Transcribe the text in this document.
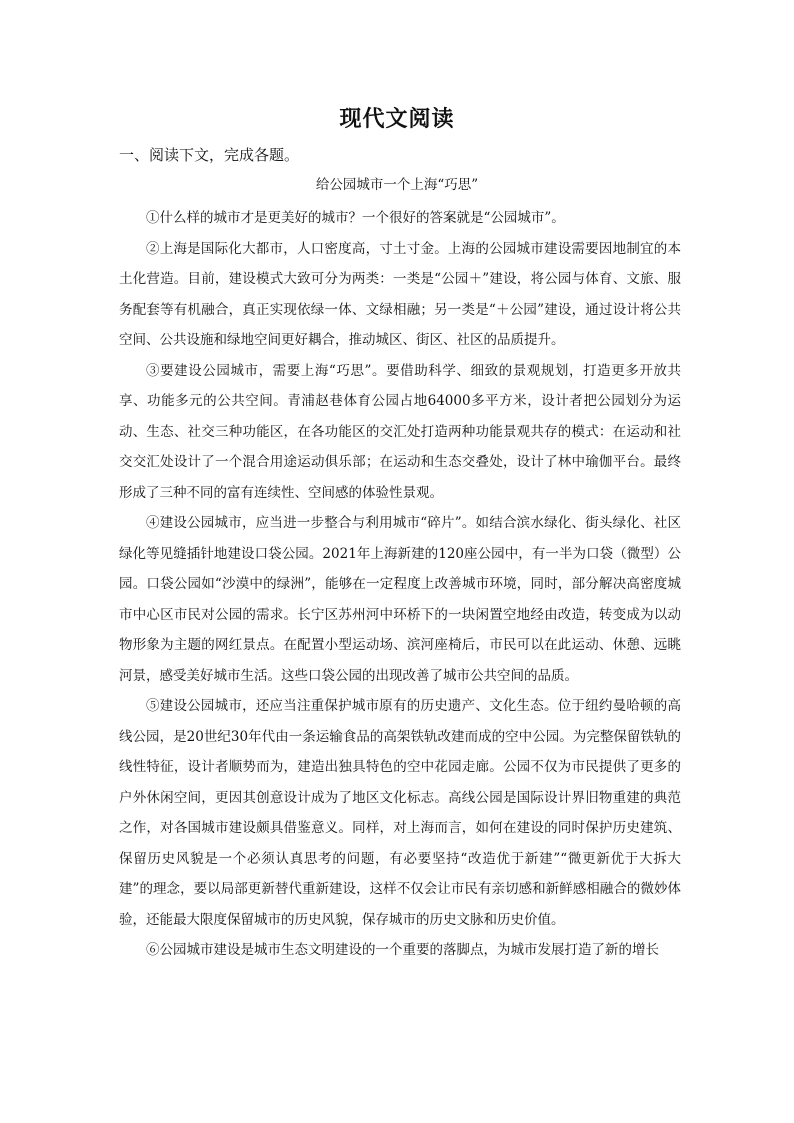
现代文阅读
一、阅读下文，完成各题。
给公园城市一个上海“巧思”

①什么样的城市才是更美好的城市？一个很好的答案就是“公园城市”。

②上海是国际化大都市，人口密度高，寸土寸金。上海的公园城市建设需要因地制宜的本土化营造。目前，建设模式大致可分为两类：一类是“公园＋”建设，将公园与体育、文旅、服务配套等有机融合，真正实现依绿一体、文绿相融；另一类是“＋公园”建设，通过设计将公共空间、公共设施和绿地空间更好耦合，推动城区、街区、社区的品质提升。

③要建设公园城市，需要上海“巧思”。要借助科学、细致的景观规划，打造更多开放共享、功能多元的公共空间。青浦赵巷体育公园占地64000多平方米，设计者把公园划分为运动、生态、社交三种功能区，在各功能区的交汇处打造两种功能景观共存的模式：在运动和社交交汇处设计了一个混合用途运动俱乐部；在运动和生态交叠处，设计了林中瑜伽平台。最终形成了三种不同的富有连续性、空间感的体验性景观。

④建设公园城市，应当进一步整合与利用城市“碎片”。如结合滨水绿化、街头绿化、社区绿化等见缝插针地建设口袋公园。2021年上海新建的120座公园中，有一半为口袋（微型）公园。口袋公园如“沙漠中的绿洲”，能够在一定程度上改善城市环境，同时，部分解决高密度城市中心区市民对公园的需求。长宁区苏州河中环桥下的一块闲置空地经由改造，转变成为以动物形象为主题的网红景点。在配置小型运动场、滨河座椅后，市民可以在此运动、休憩、远眺河景，感受美好城市生活。这些口袋公园的出现改善了城市公共空间的品质。

⑤建设公园城市，还应当注重保护城市原有的历史遗产、文化生态。位于纽约曼哈顿的高线公园，是20世纪30年代由一条运输食品的高架铁轨改建而成的空中公园。为完整保留铁轨的线性特征，设计者顺势而为，建造出独具特色的空中花园走廊。公园不仅为市民提供了更多的户外休闲空间，更因其创意设计成为了地区文化标志。高线公园是国际设计界旧物重建的典范之作，对各国城市建设颇具借鉴意义。同样，对上海而言，如何在建设的同时保护历史建筑、保留历史风貌是一个必须认真思考的问题，有必要坚持“改造优于新建”“微更新优于大拆大建”的理念，要以局部更新替代重新建设，这样不仅会让市民有亲切感和新鲜感相融合的微妙体验，还能最大限度保留城市的历史风貌，保存城市的历史文脉和历史价值。

⑥公园城市建设是城市生态文明建设的一个重要的落脚点，为城市发展打造了新的增长
